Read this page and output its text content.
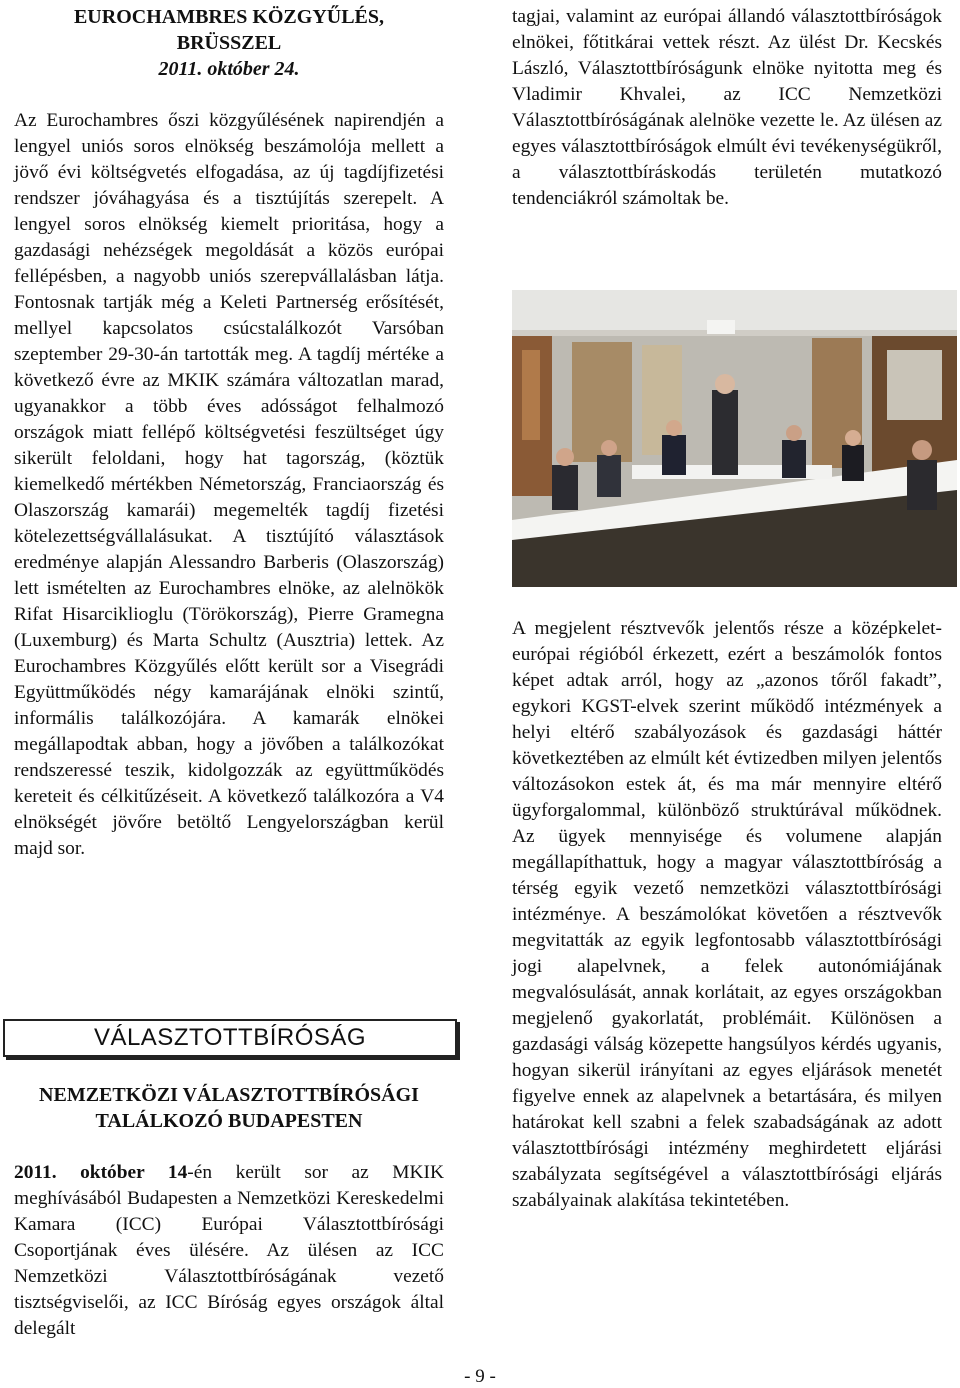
EUROCHAMBRES KÖZGYŰLÉS,
BRÜSSZEL
2011. október 24.

Az Eurochambres őszi közgyűlésének napirendjén a lengyel uniós soros elnökség beszámolója mellett a jövő évi költségvetés elfogadása, az új tagdíjfizetési rendszer jóváhagyása és a tisztújítás szerepelt. A lengyel soros elnökség kiemelt prioritása, hogy a gazdasági nehézségek megoldását a közös európai fellépésben, a nagyobb uniós szerepvállalásban látja. Fontosnak tartják még a Keleti Partnerség erősítését, mellyel kapcsolatos csúcstalálkozót Varsóban szeptember 29-30-án tartották meg. A tagdíj mértéke a következő évre az MKIK számára változatlan marad, ugyanakkor a több éves adósságot felhalmozó országok miatt fellépő költségvetési feszültséget úgy sikerült feloldani, hogy hat tagország, (köztük kiemelkedő mértékben Németország, Franciaország és Olaszország kamarái) megemelték tagdíj fizetési kötelezettségvállalásukat. A tisztújító választások eredménye alapján Alessandro Barberis (Olaszország) lett ismételten az Eurochambres elnöke, az alelnökök Rifat Hisarciklioglu (Törökország), Pierre Gramegna (Luxemburg) és Marta Schultz (Ausztria) lettek. Az Eurochambres Közgyűlés előtt került sor a Visegrádi Együttműködés négy kamarájának elnöki szintű, informális találkozójára. A kamarák elnökei megállapodtak abban, hogy a jövőben a találkozókat rendszeressé teszik, kidolgozzák az együttműködés kereteit és célkitűzéseit. A következő találkozóra a V4 elnökségét jövőre betöltő Lengyelországban kerül majd sor.

VÁLASZTOTTBÍRÓSÁG
NEMZETKÖZI VÁLASZTOTTBÍRÓSÁGI
TALÁLKOZÓ BUDAPESTEN

2011. október 14-én került sor az MKIK meghívásából Budapesten a Nemzetközi Kereskedelmi Kamara (ICC) Európai Választottbírósági Csoportjának éves ülésére. Az ülésen az ICC Nemzetközi Választottbíróságának vezető tisztségviselői, az ICC Bíróság egyes országok által delegált

tagjai, valamint az európai állandó választottbíróságok elnökei, főtitkárai vettek részt. Az ülést Dr. Kecskés László, Választottbíróságunk elnöke nyitotta meg és Vladimir Khvalei, az ICC Nemzetközi Választottbíróságának alelnöke vezette le. Az ülésen az egyes választottbíróságok elmúlt évi tevékenységükről, a választottbíráskodás területén mutatkozó tendenciákról számoltak be.

A megjelent résztvevők jelentős része a középkelet-európai régióból érkezett, ezért a beszámolók fontos képet adtak arról, hogy az „azonos tőről fakadt”, egykori KGST-elvek szerint működő intézmények a helyi eltérő szabályozások és gazdasági háttér következtében az elmúlt két évtizedben milyen jelentős változásokon estek át, és ma már mennyire eltérő ügyforgalommal, különböző struktúrával működnek. Az ügyek mennyisége és volumene alapján megállapíthattuk, hogy a magyar választottbíróság a térség egyik vezető nemzetközi választottbírósági intézménye. A beszámolókat követően a résztvevők megvitatták az egyik legfontosabb választottbírósági jogi alapelvnek, a felek autonómiájának megvalósulását, annak korlátait, az egyes országokban megjelenő gyakorlatát, problémáit. Különösen a gazdasági válság közepette hangsúlyos kérdés ugyanis, hogyan sikerül irányítani az egyes eljárások menetét figyelve ennek az alapelvnek a betartására, és milyen határokat kell szabni a felek szabadságának az adott választottbírósági intézmény meghirdetett eljárási szabályzata segítségével a választottbírósági eljárás szabályainak alakítása tekintetében.

- 9 -
